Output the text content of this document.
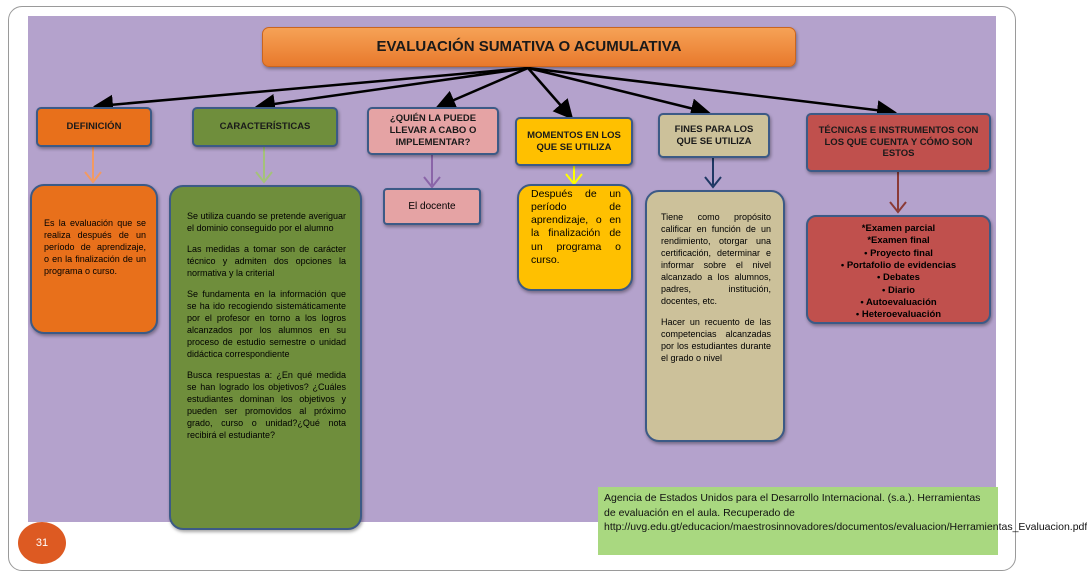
EVALUACIÓN SUMATIVA O ACUMULATIVA
DEFINICIÓN	CARACTERÍSTICAS
¿QUIÉN LA PUEDE LLEVAR A CABO O IMPLEMENTAR?
MOMENTOS EN LOS QUE SE UTILIZA
FINES PARA LOS QUE SE UTILIZA
TÉCNICAS E INSTRUMENTOS CON LOS QUE CUENTA Y CÓMO SON ESTOS

Es la evaluación que se realiza después de un período de aprendizaje, o en la finalización de un programa o curso.

Se utiliza cuando se pretende averiguar el dominio conseguido por el alumno

Las medidas a tomar son de carácter técnico y admiten dos opciones la normativa y la criterial

Se fundamenta en la información que se ha ido recogiendo sistemáticamente por el profesor en torno a los logros alcanzados por los alumnos en su proceso de estudio semestre o unidad didáctica correspondiente

Busca respuestas a: ¿En qué medida se han logrado los objetivos? ¿Cuáles estudiantes dominan los objetivos y pueden ser promovidos al próximo grado, curso o unidad?¿Qué nota recibirá el estudiante?

El docente

Después de un período de aprendizaje, o en la finalización de un programa o curso.

Tiene como propósito calificar en función de un rendimiento, otorgar una certificación, determinar e informar sobre el nivel alcanzado a los alumnos, padres, institución, docentes, etc.

Hacer un recuento de las competencias alcanzadas por los estudiantes durante el grado o nivel

*Examen parcial
*Examen final
• Proyecto final
• Portafolio de evidencias
• Debates
• Diario
• Autoevaluación
• Heteroevaluación
Agencia de Estados Unidos para el Desarrollo Internacional. (s.a.). Herramientas de evaluación en el aula. Recuperado de http://uvg.edu.gt/educacion/maestrosinnovadores/documentos/evaluacion/Herramientas_Evaluacion.pdf
31
